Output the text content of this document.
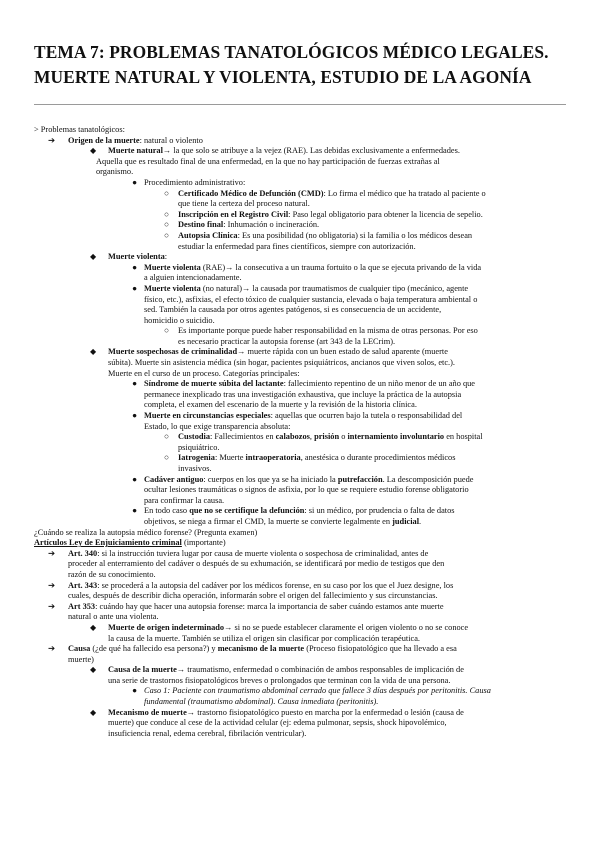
TEMA 7: PROBLEMAS TANATOLÓGICOS MÉDICO LEGALES.
MUERTE NATURAL Y VIOLENTA, ESTUDIO DE LA AGONÍA
> Problemas tanatológicos:
➔ Origen de la muerte: natural o violento
◆ Muerte natural→ la que solo se atribuye a la vejez (RAE). Las debidas exclusivamente a enfermedades.
Aquella que es resultado final de una enfermedad, en la que no hay participación de fuerzas extrañas al
organismo.
● Procedimiento administrativo:
○ Certificado Médico de Defunción (CMD): Lo firma el médico que ha tratado al paciente o
que tiene la certeza del proceso natural.
○ Inscripción en el Registro Civil: Paso legal obligatorio para obtener la licencia de sepelio.
○ Destino final: Inhumación o incineración.
○ Autopsia Clínica: Es una posibilidad (no obligatoria) si la familia o los médicos desean
estudiar la enfermedad para fines científicos, siempre con autorización.
◆ Muerte violenta:
● Muerte violenta (RAE)→ la consecutiva a un trauma fortuito o la que se ejecuta privando de la vida
a alguien intencionadamente.
● Muerte violenta (no natural)→ la causada por traumatismos de cualquier tipo (mecánico, agente
físico, etc.), asfixias, el efecto tóxico de cualquier sustancia, elevada o baja temperatura ambiental o
sed. También la causada por otros agentes patógenos, si es consecuencia de un accidente,
homicidio o suicidio.
○ Es importante porque puede haber responsabilidad en la misma de otras personas. Por eso
es necesario practicar la autopsia forense (art 343 de la LECrim).
◆ Muerte sospechosas de criminalidad→ muerte rápida con un buen estado de salud aparente (muerte
súbita). Muerte sin asistencia médica (sin hogar, pacientes psiquiátricos, ancianos que viven solos, etc.).
Muerte en el curso de un proceso. Categorías principales:
● Síndrome de muerte súbita del lactante: fallecimiento repentino de un niño menor de un año que
permanece inexplicado tras una investigación exhaustiva, que incluye la práctica de la autopsia
completa, el examen del escenario de la muerte y la revisión de la historia clínica.
● Muerte en circunstancias especiales: aquellas que ocurren bajo la tutela o responsabilidad del
Estado, lo que exige transparencia absoluta:
○ Custodia: Fallecimientos en calabozos, prisión o internamiento involuntario en hospital
psiquiátrico.
○ Iatrogenia: Muerte intraoperatoria, anestésica o durante procedimientos médicos
invasivos.
● Cadáver antiguo: cuerpos en los que ya se ha iniciado la putrefacción. La descomposición puede
ocultar lesiones traumáticas o signos de asfixia, por lo que se requiere estudio forense obligatorio
para confirmar la causa.
● En todo caso que no se certifique la defunción: si un médico, por prudencia o falta de datos
objetivos, se niega a firmar el CMD, la muerte se convierte legalmente en judicial.
¿Cuándo se realiza la autopsia médico forense? (Pregunta examen)
Artículos Ley de Enjuiciamiento criminal (importante)
➔ Art. 340: si la instrucción tuviera lugar por causa de muerte violenta o sospechosa de criminalidad, antes de
proceder al enterramiento del cadáver o después de su exhumación, se identificará por medio de testigos que den
razón de su conocimiento.
➔ Art. 343: se procederá a la autopsia del cadáver por los médicos forense, en su caso por los que el Juez designe, los
cuales, después de describir dicha operación, informarán sobre el origen del fallecimiento y sus circunstancias.
➔ Art 353: cuándo hay que hacer una autopsia forense: marca la importancia de saber cuándo estamos ante muerte
natural o ante una violenta.
◆ Muerte de origen indeterminado→ si no se puede establecer claramente el origen violento o no se conoce
la causa de la muerte. También se utiliza el origen sin clasificar por complicación terapéutica.
➔ Causa (¿de qué ha fallecido esa persona?) y mecanismo de la muerte (Proceso fisiopatológico que ha llevado a esa
muerte)
◆ Causa de la muerte→ traumatismo, enfermedad o combinación de ambos responsables de implicación de
una serie de trastornos fisiopatológicos breves o prolongados que terminan con la vida de una persona.
● Caso 1: Paciente con traumatismo abdominal cerrado que fallece 3 días después por peritonitis. Causa
fundamental (traumatismo abdominal). Causa inmediata (peritonitis).
◆ Mecanismo de muerte→ trastorno fisiopatológico puesto en marcha por la enfermedad o lesión (causa de
muerte) que conduce al cese de la actividad celular (ej: edema pulmonar, sepsis, shock hipovolémico,
insuficiencia renal, edema cerebral, fibrilación ventricular).
